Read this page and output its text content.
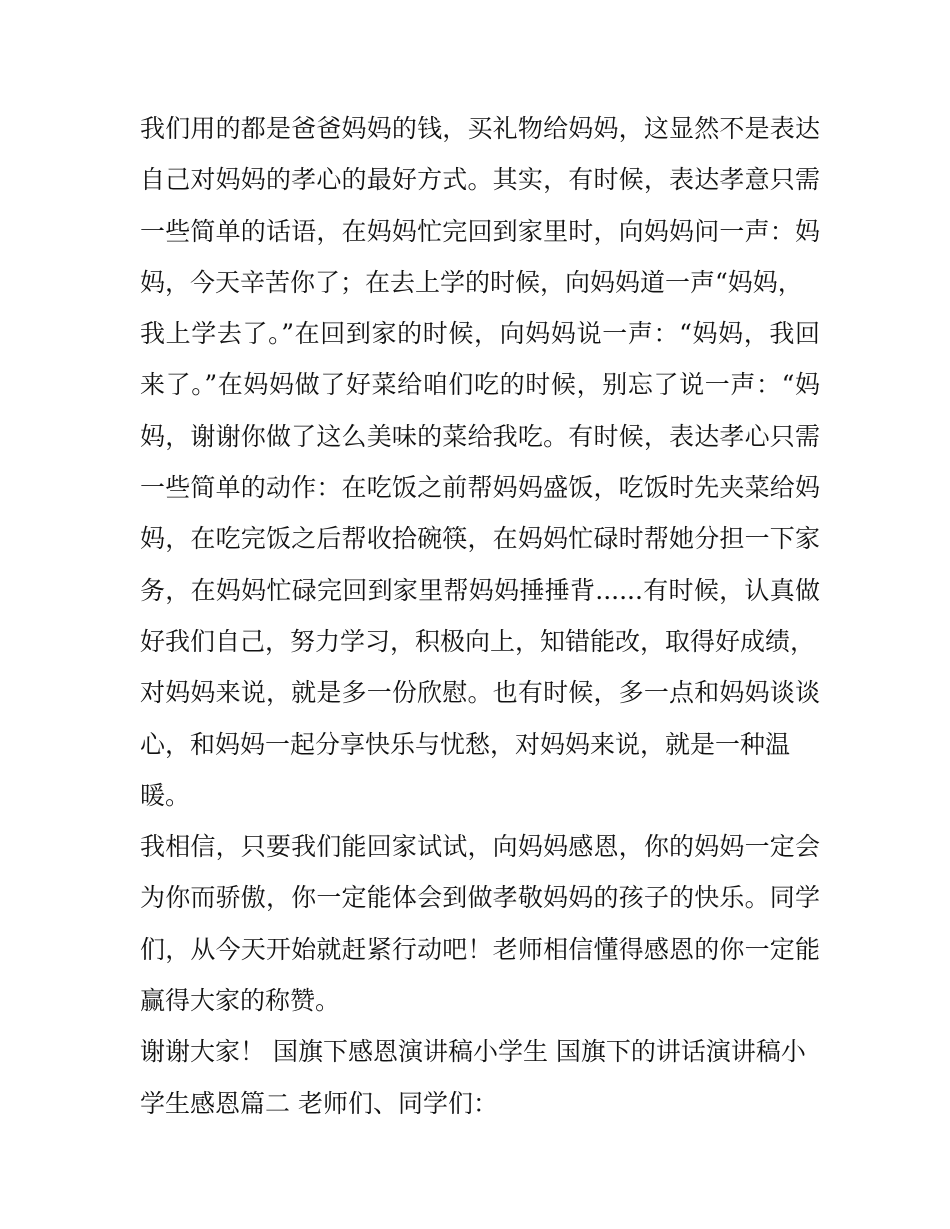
我们用的都是爸爸妈妈的钱，买礼物给妈妈，这显然不是表达
自己对妈妈的孝心的最好方式。其实，有时候，表达孝意只需
一些简单的话语，在妈妈忙完回到家里时，向妈妈问一声：妈
妈，今天辛苦你了；在去上学的时候，向妈妈道一声“妈妈，
我上学去了。”在回到家的时候，向妈妈说一声：“妈妈，我回
来了。”在妈妈做了好菜给咱们吃的时候，别忘了说一声：“妈
妈，谢谢你做了这么美味的菜给我吃。有时候，表达孝心只需
一些简单的动作：在吃饭之前帮妈妈盛饭，吃饭时先夹菜给妈
妈，在吃完饭之后帮收拾碗筷，在妈妈忙碌时帮她分担一下家
务，在妈妈忙碌完回到家里帮妈妈捶捶背......有时候，认真做
好我们自己，努力学习，积极向上，知错能改，取得好成绩，
对妈妈来说，就是多一份欣慰。也有时候，多一点和妈妈谈谈
心，和妈妈一起分享快乐与忧愁，对妈妈来说，就是一种温
暖。
我相信，只要我们能回家试试，向妈妈感恩，你的妈妈一定会
为你而骄傲，你一定能体会到做孝敬妈妈的孩子的快乐。同学
们，从今天开始就赶紧行动吧！老师相信懂得感恩的你一定能
赢得大家的称赞。
谢谢大家！ 国旗下感恩演讲稿小学生 国旗下的讲话演讲稿小
学生感恩篇二 老师们、同学们：
